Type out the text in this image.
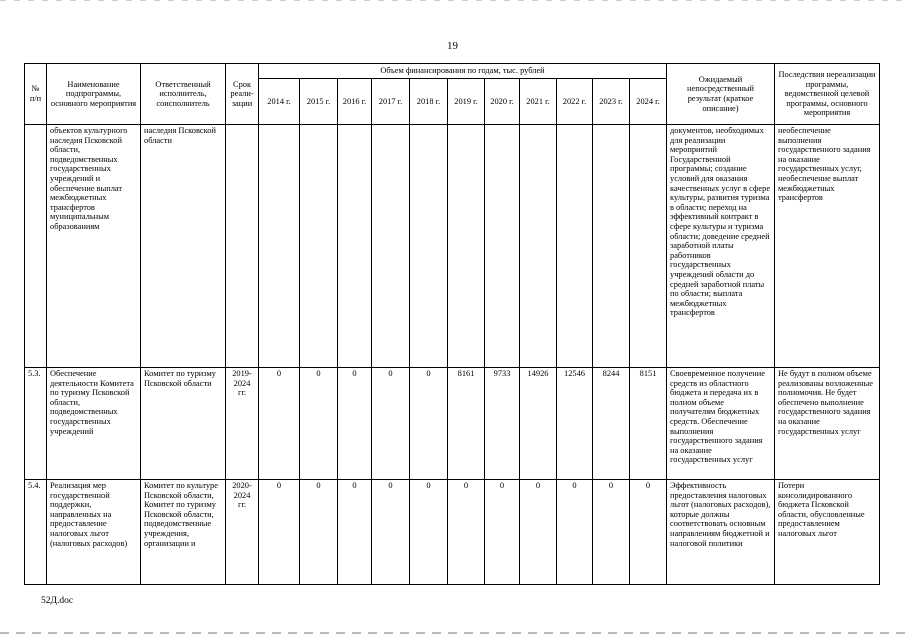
19
№ п/п	Наименование подпрограммы, основного мероприятия	Ответственный исполнитель, соисполнитель	Срок реали-зации	Объем финансирования по годам, тыс. рублей											Ожидаемый непосредственный результат (краткое описание)	Последствия нереализации программы, ведомственной целевой программы, основного мероприятия
				2014 г.	2015 г.	2016 г.	2017 г.	2018 г.	2019 г.	2020 г.	2021 г.	2022 г.	2023 г.	2024 г.		
	объектов культурного наследия Псковской области, подведомственных государственных учреждений и обеспечение выплат межбюджетных трансфертов муниципальным образованиям	наследия Псковской области													документов, необходимых для реализации мероприятий Государственной программы; создание условий для оказания качественных услуг в сфере культуры, развития туризма в области; переход на эффективный контракт в сфере культуры и туризма области; доведение средней заработной платы работников государственных учреждений области до средней заработной платы по области; выплата межбюджетных трансфертов	необеспечение выполнения государственного задания на оказание государственных услуг, необеспечение выплат межбюджетных трансфертов
5.3.	Обеспечение деятельности Комитета по туризму Псковской области, подведомственных государственных учреждений	Комитет по туризму Псковской области	2019-2024 гг.	0	0	0	0	0	8161	9733	14926	12546	8244	8151	Своевременное получение средств из областного бюджета и передача их в полном объеме получателям бюджетных средств. Обеспечение выполнения государственного задания на оказание государственных услуг	Не будут в полном объеме реализованы возложенные полномочия. Не будет обеспечено выполнение государственного задания на оказание государственных услуг
5.4.	Реализация мер государственной поддержки, направленных на предоставление налоговых льгот (налоговых расходов)	Комитет по культуре Псковской области, Комитет по туризму Псковской области, подведомственные учреждения, организации и	2020-2024 гг.	0	0	0	0	0	0	0	0	0	0	0	Эффективность предоставления налоговых льгот (налоговых расходов), которые должны соответствовать основным направлениям бюджетной и налоговой политики	Потери консолидированного бюджета Псковской области, обусловленные предоставлением налоговых льгот
52Д.doc
